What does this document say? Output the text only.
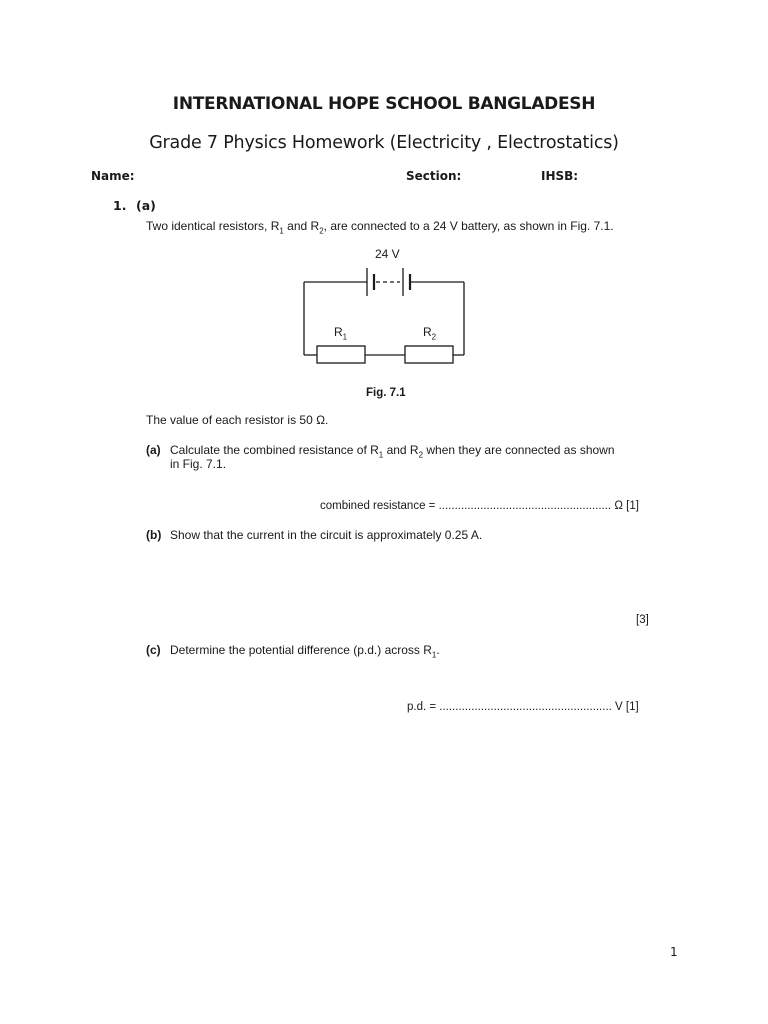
INTERNATIONAL HOPE SCHOOL BANGLADESH
Grade 7 Physics Homework (Electricity , Electrostatics)
Name:	Section:	IHSB:
1. (a)
Two identical resistors, $R_1$ and $R_2$, are connected to a 24 V battery, as shown in Fig. 7.1.
24 V
$R_1$	$R_2$
Fig. 7.1
The value of each resistor is 50 Ω.
(a) Calculate the combined resistance of $R_1$ and $R_2$ when they are connected as shown
in Fig. 7.1.
combined resistance = ...................................................... Ω [1]
(b) Show that the current in the circuit is approximately 0.25 A.
[3]
(c) Determine the potential difference (p.d.) across $R_1$.
p.d. = ...................................................... V [1]
1
